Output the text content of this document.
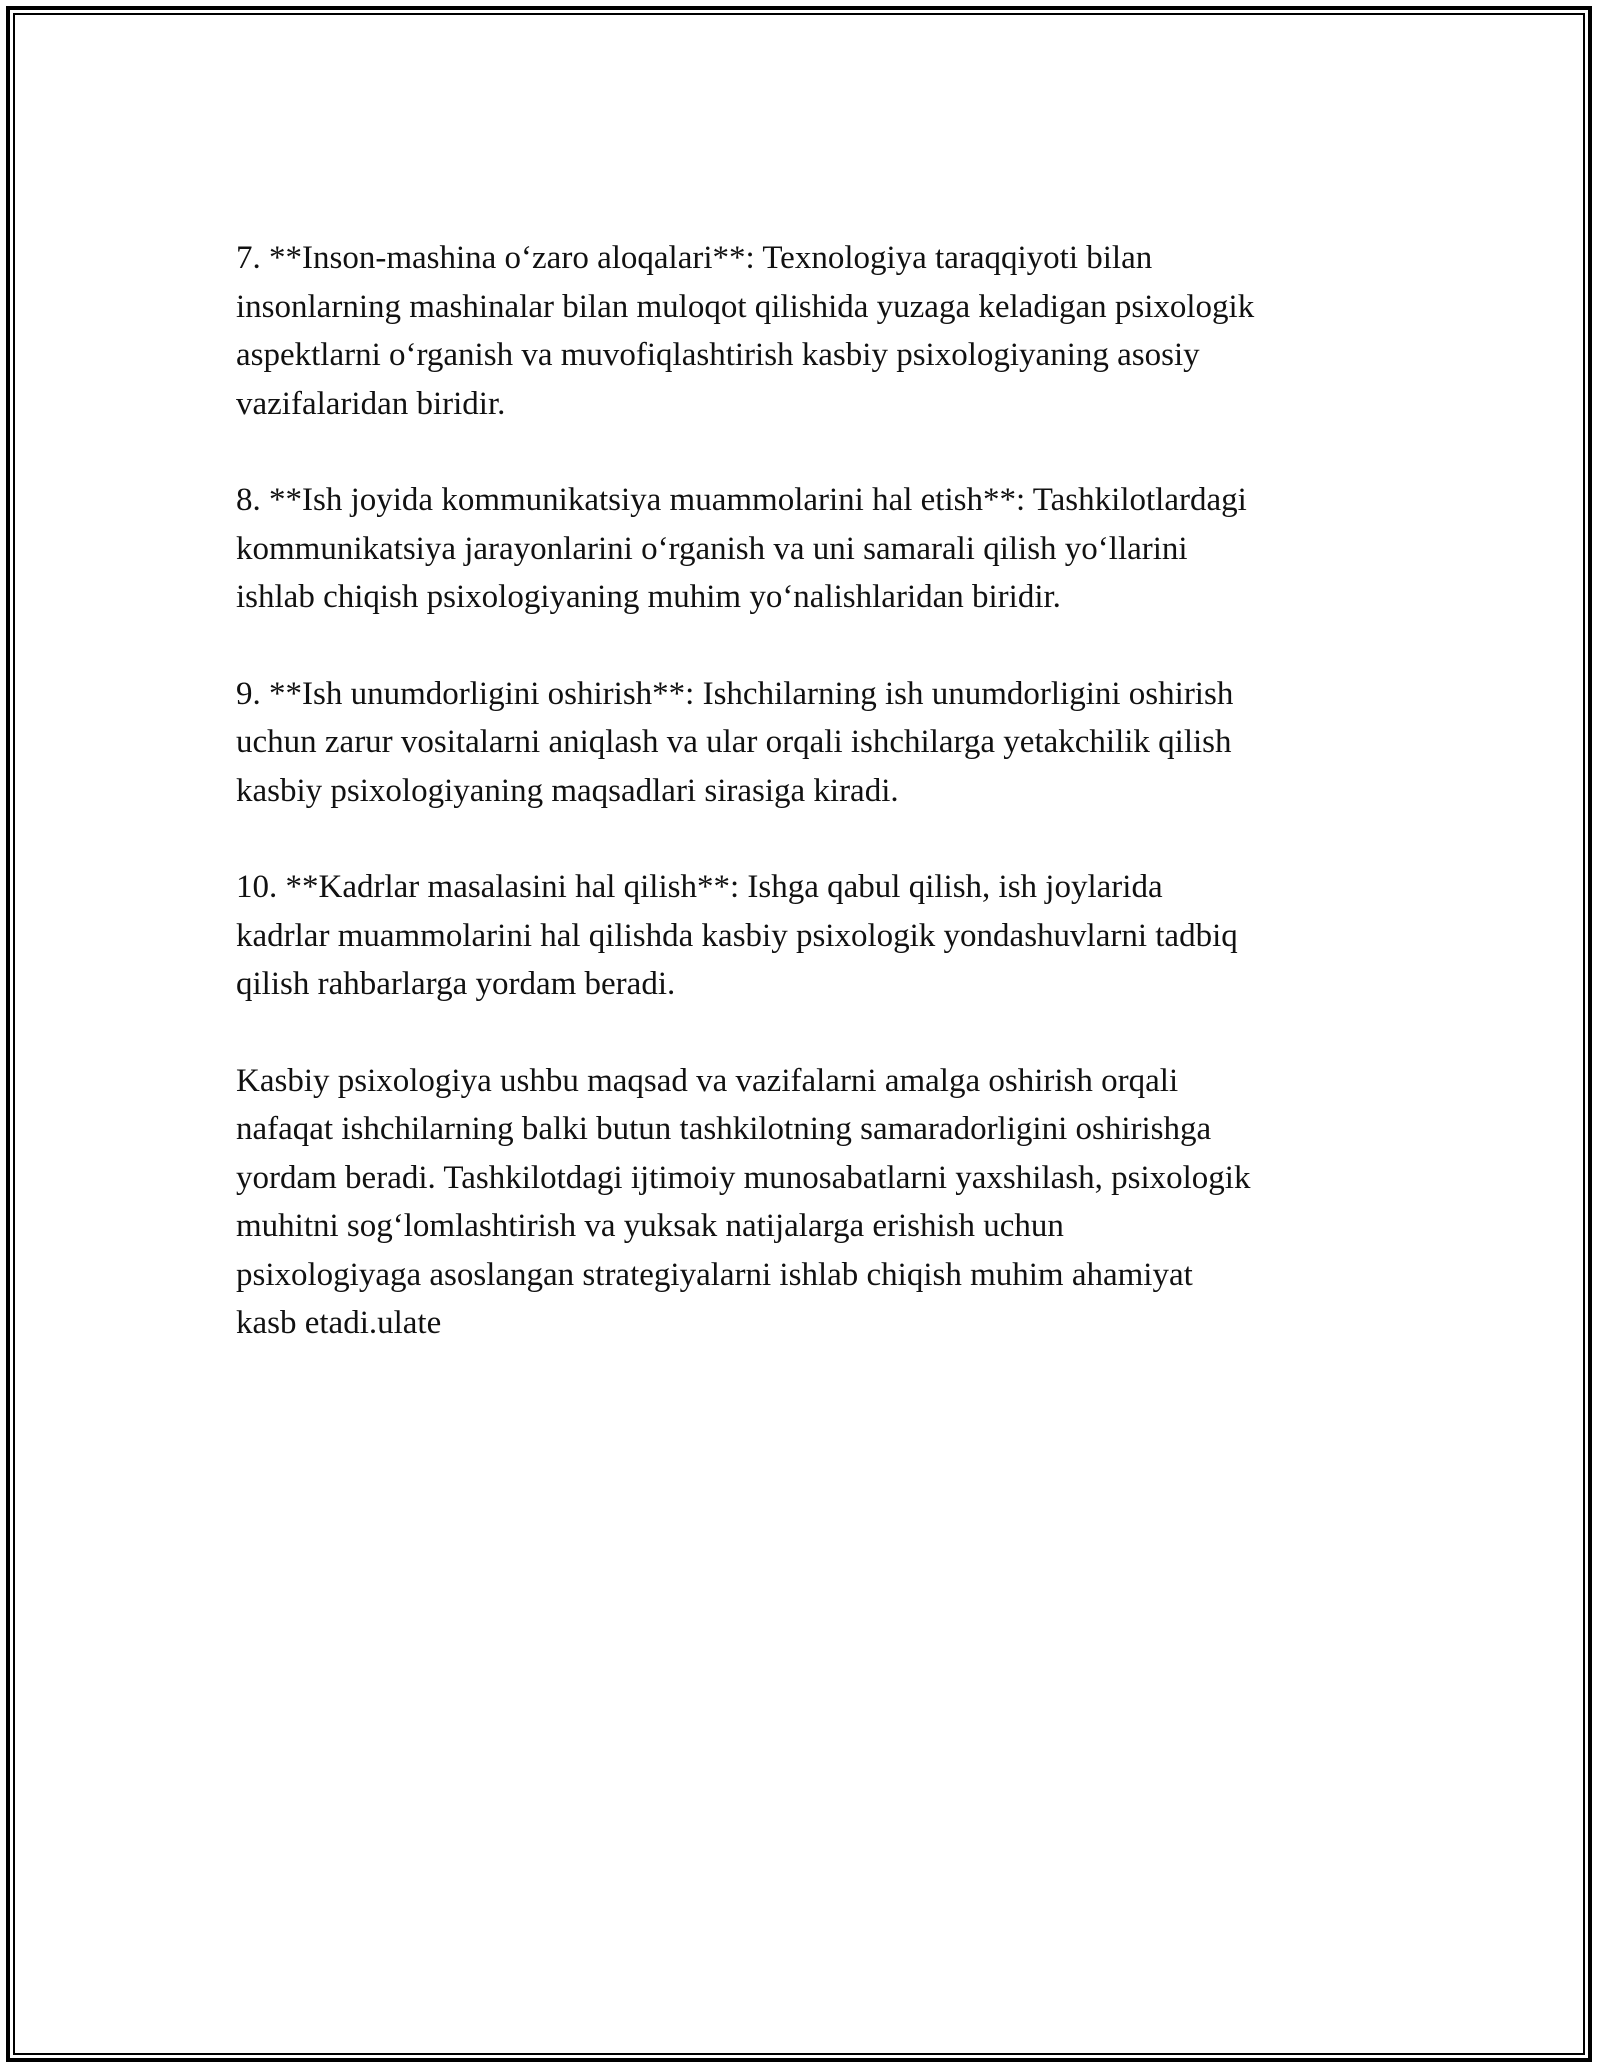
7. **Inson-mashina o‘zaro aloqalari**: Texnologiya taraqqiyoti bilan
insonlarning mashinalar bilan muloqot qilishida yuzaga keladigan psixologik
aspektlarni o‘rganish va muvofiqlashtirish kasbiy psixologiyaning asosiy
vazifalaridan biridir.

8. **Ish joyida kommunikatsiya muammolarini hal etish**: Tashkilotlardagi
kommunikatsiya jarayonlarini o‘rganish va uni samarali qilish yo‘llarini
ishlab chiqish psixologiyaning muhim yo‘nalishlaridan biridir.

9. **Ish unumdorligini oshirish**: Ishchilarning ish unumdorligini oshirish
uchun zarur vositalarni aniqlash va ular orqali ishchilarga yetakchilik qilish
kasbiy psixologiyaning maqsadlari sirasiga kiradi.

10. **Kadrlar masalasini hal qilish**: Ishga qabul qilish, ish joylarida
kadrlar muammolarini hal qilishda kasbiy psixologik yondashuvlarni tadbiq
qilish rahbarlarga yordam beradi.

Kasbiy psixologiya ushbu maqsad va vazifalarni amalga oshirish orqali
nafaqat ishchilarning balki butun tashkilotning samaradorligini oshirishga
yordam beradi. Tashkilotdagi ijtimoiy munosabatlarni yaxshilash, psixologik
muhitni sog‘lomlashtirish va yuksak natijalarga erishish uchun
psixologiyaga asoslangan strategiyalarni ishlab chiqish muhim ahamiyat
kasb etadi.ulate
